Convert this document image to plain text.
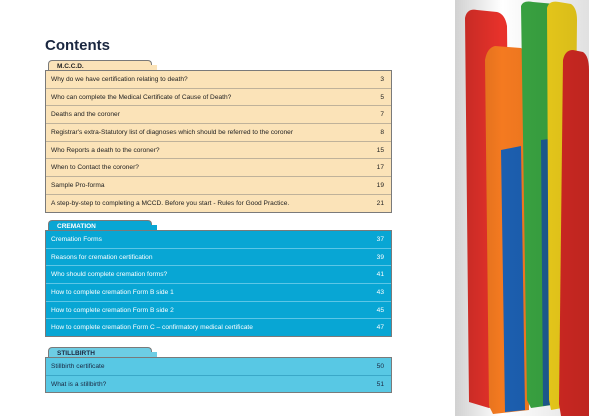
Contents
M.C.C.D.
Why do we have certification relating to death?	3
Who can complete the Medical Certificate of Cause of Death?	5
Deaths and the coroner	7
Registrar's extra-Statutory list of diagnoses which should be referred to the coroner	8
Who Reports a death to the coroner?	15
When to Contact the coroner?	17
Sample Pro-forma	19
A step-by-step to completing a MCCD. Before you start - Rules for Good Practice.	21
CREMATION
Cremation Forms	37
Reasons for cremation certification	39
Who should complete cremation forms?	41
How to complete cremation Form B side 1	43
How to complete cremation Form B side 2	45
How to complete cremation Form C – confirmatory medical certificate	47
STILLBIRTH
Stillbirth certificate	50
What is a stillbirth?	51
